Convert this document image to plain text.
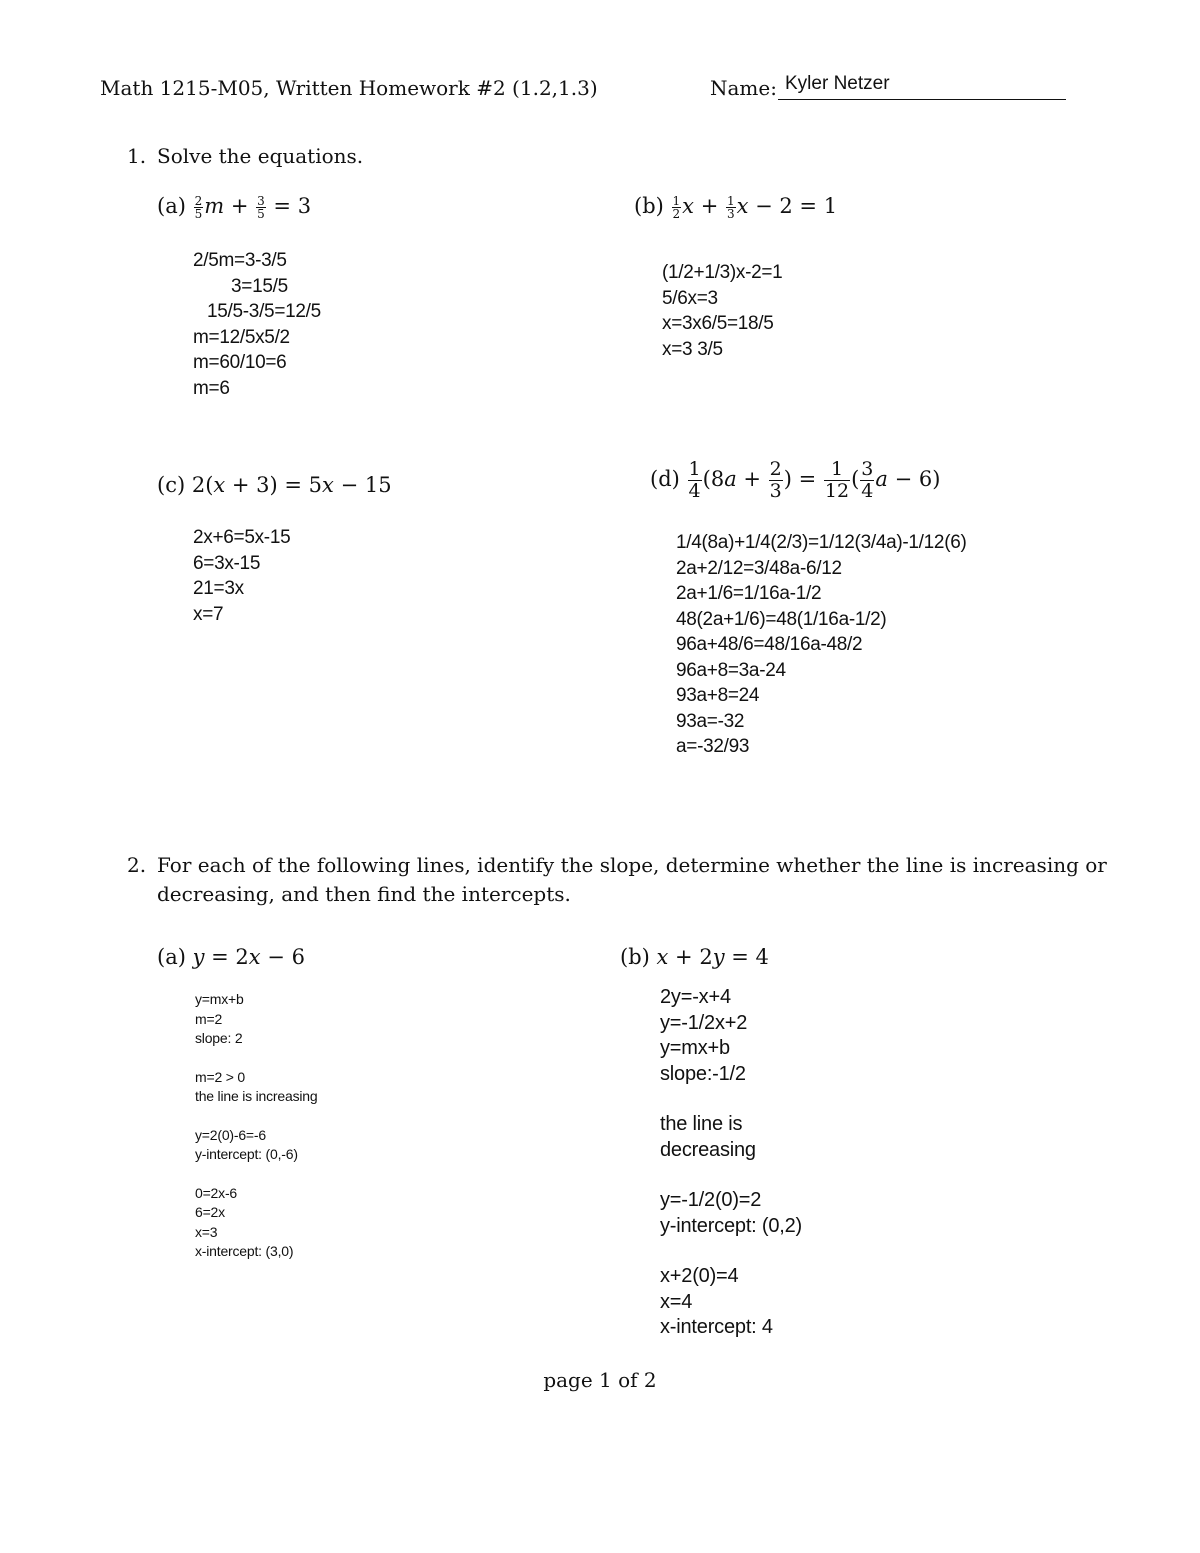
Math 1215-M05, Written Homework #2 (1.2,1.3)	Name: Kyler Netzer
1. Solve the equations.
$(a) \frac{2}{5}$ $m + \frac{3}{5} = 3$
2/5m=3-3/5
3=15/5
15/5-3/5=12/5
m=12/5x5/2
m=60/10=6
m=6
$(b) \frac{1}{2}$ $x + \frac{1}{3}$ x − 2 = 1
(1/2+1/3)x-2=1
5/6x=3
x=3x6/5=18/5
x=3 3/5
(c) 2(x + 3) = 5x − 15
2x+6=5x-15
6=3x-15
21=3x
x=7
$(d) \frac{1}{4} (8a + \frac{2}{3}$ ) = $\frac{1}{12}$ ( $\frac{3}{4}$ a − 6)
1/4(8a)+1/4(2/3)=1/12(3/4a)-1/12(6)
2a+2/12=3/48a-6/12
2a+1/6=1/16a-1/2
48(2a+1/6)=48(1/16a-1/2)
96a+48/6=48/16a-48/2
96a+8=3a-24
93a+8=24
93a=-32
a=-32/93
2. For each of the following lines, identify the slope, determine whether the line is increasing or
decreasing, and then find the intercepts.
(a) y = 2x − 6
y=mx+b
m=2
slope: 2
m=2 > 0
the line is increasing
y=2(0)-6=-6
y-intercept: (0,-6)
0=2x-6
6=2x
x=3
x-intercept: (3,0)
(b) x + 2y = 4
2y=-x+4
y=-1/2x+2
y=mx+b
slope:-1/2
the line is
decreasing
y=-1/2(0)=2
y-intercept: (0,2)
x+2(0)=4
x=4
x-intercept: 4
page 1 of 2
